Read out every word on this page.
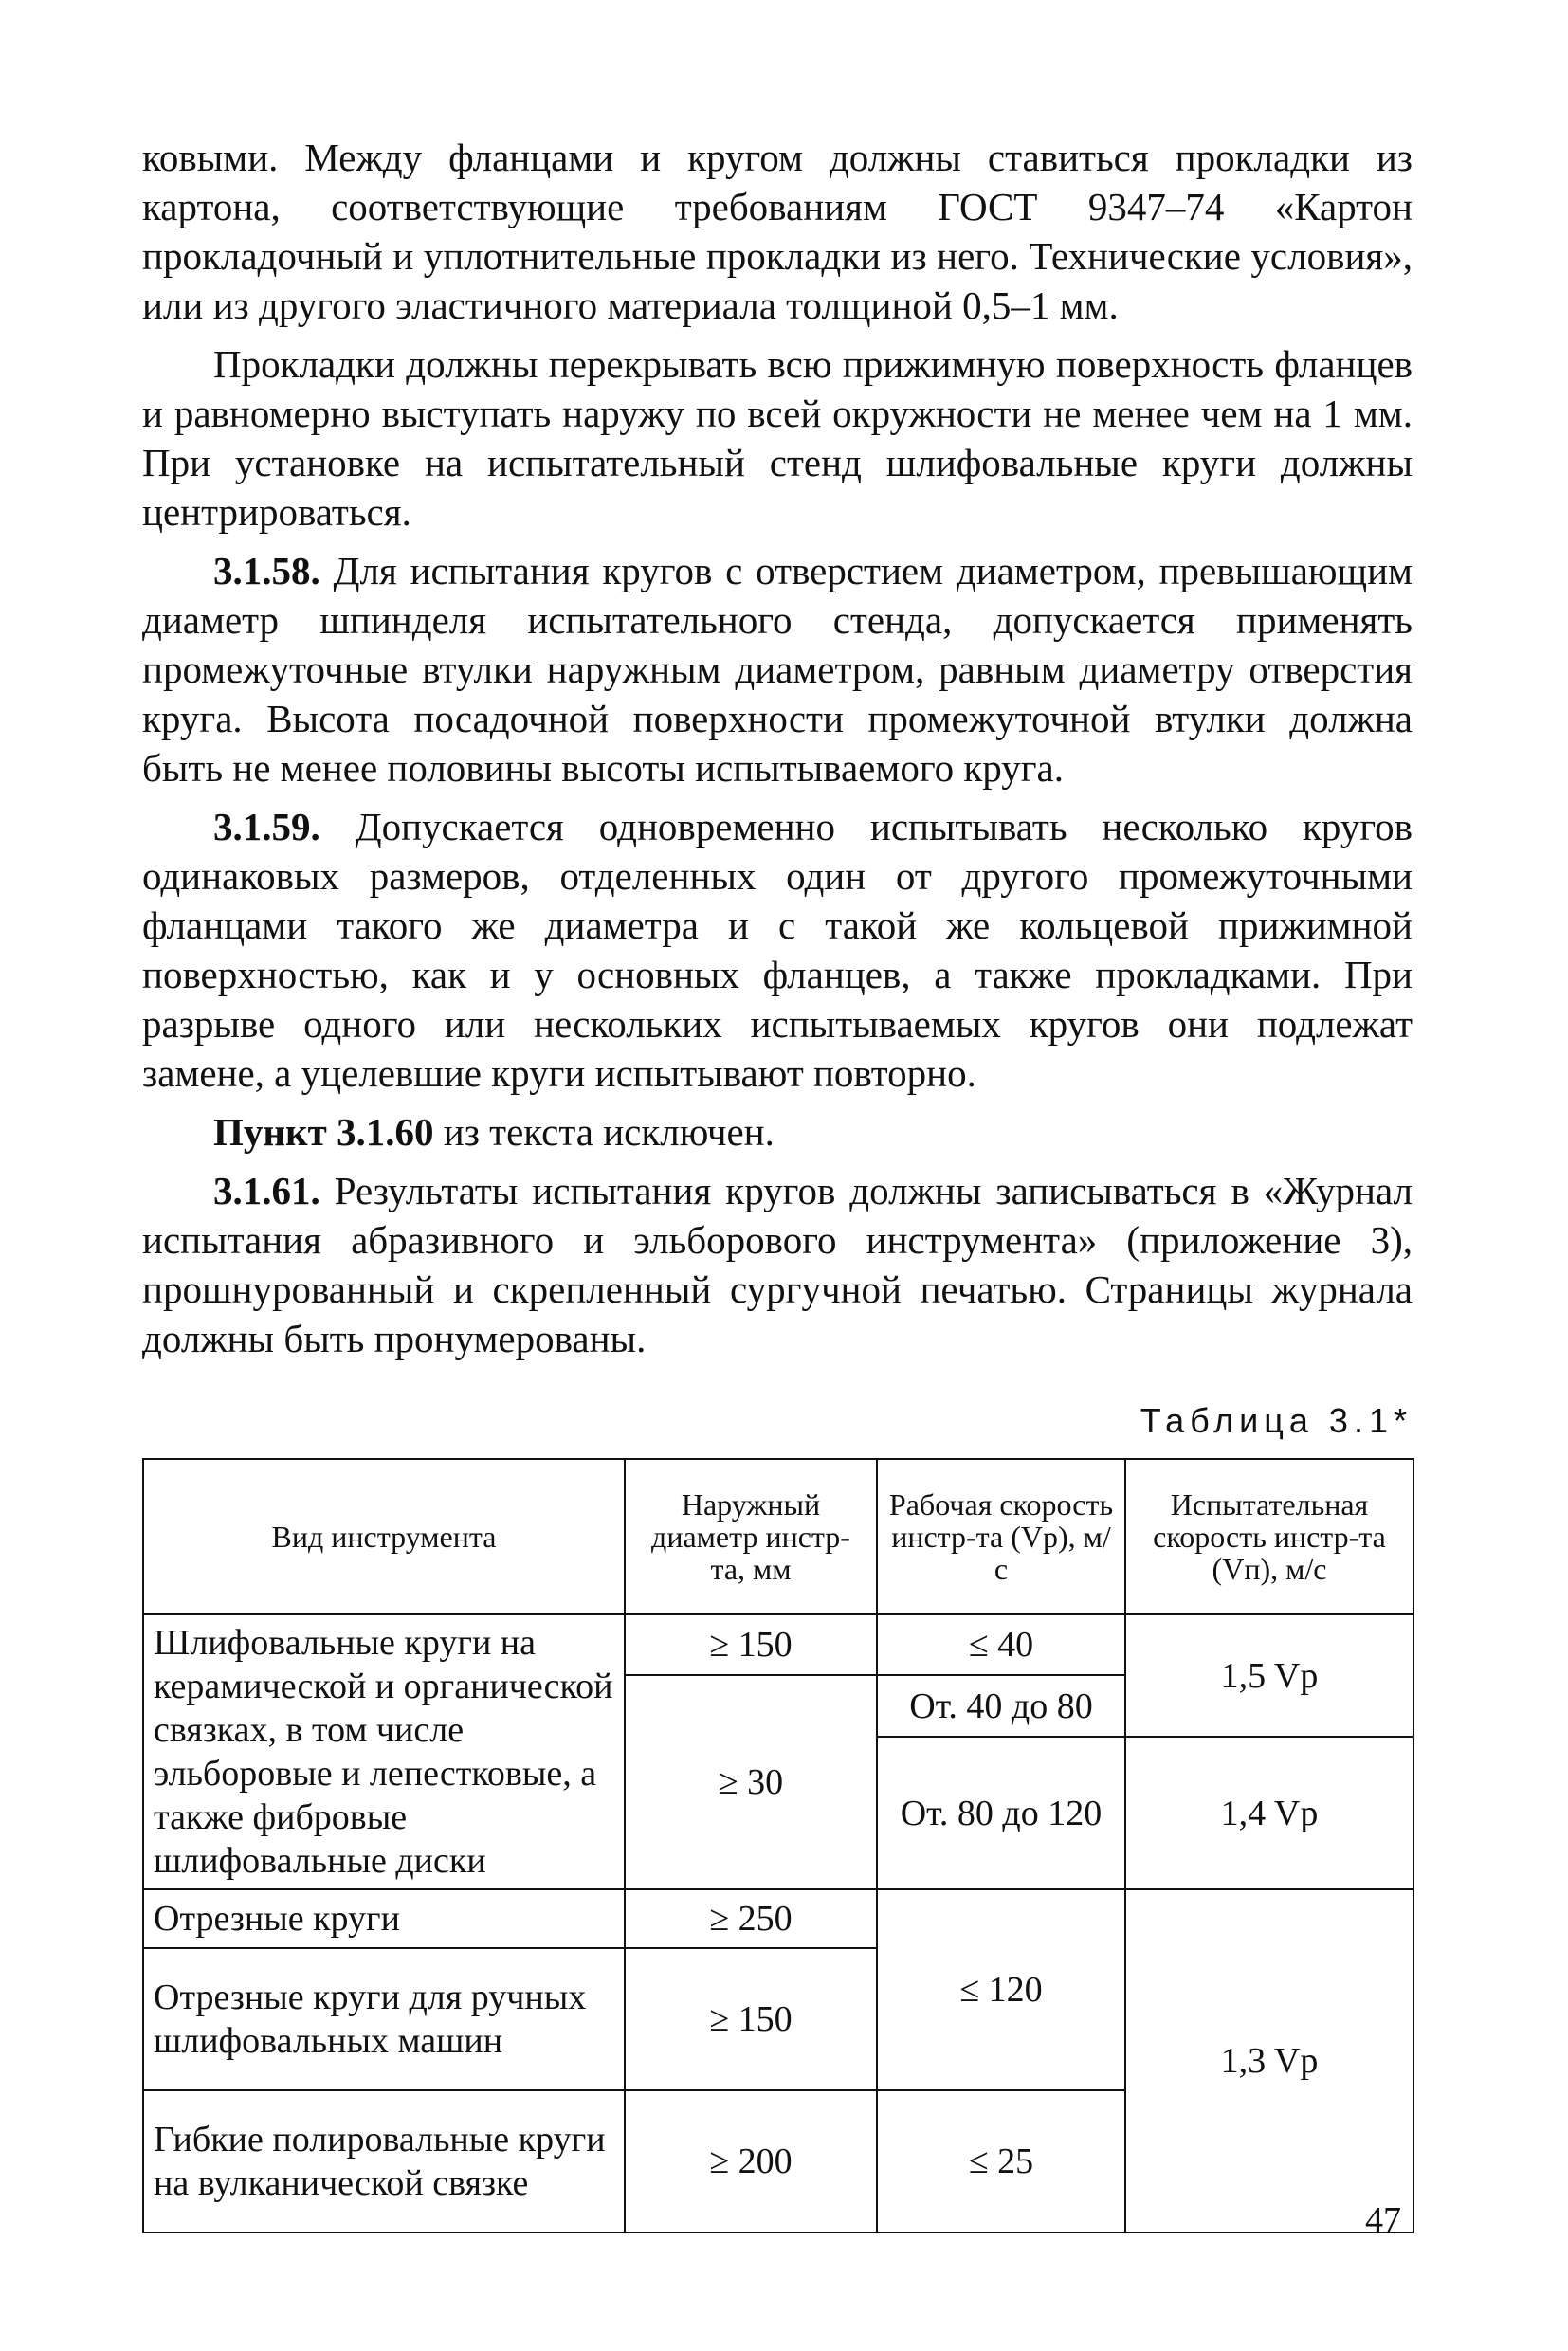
ковыми. Между фланцами и кругом должны ставиться прокладки из картона, соответствующие требованиям ГОСТ 9347–74 «Картон прокладочный и уплотнительные прокладки из него. Технические условия», или из другого эластичного материала толщиной 0,5–1 мм.

Прокладки должны перекрывать всю прижимную поверхность фланцев и равномерно выступать наружу по всей окружности не менее чем на 1 мм. При установке на испытательный стенд шлифовальные круги должны центрироваться.

3.1.58. Для испытания кругов с отверстием диаметром, превышающим диаметр шпинделя испытательного стенда, допускается применять промежуточные втулки наружным диаметром, равным диаметру отверстия круга. Высота посадочной поверхности промежуточной втулки должна быть не менее половины высоты испытываемого круга.

3.1.59. Допускается одновременно испытывать несколько кругов одинаковых размеров, отделенных один от другого промежуточными фланцами такого же диаметра и с такой же кольцевой прижимной поверхностью, как и у основных фланцев, а также прокладками. При разрыве одного или нескольких испытываемых кругов они подлежат замене, а уцелевшие круги испытывают повторно.

Пункт 3.1.60 из текста исключен.

3.1.61. Результаты испытания кругов должны записываться в «Журнал испытания абразивного и эльборового инструмента» (приложение 3), прошнурованный и скрепленный сургучной печатью. Страницы журнала должны быть пронумерованы.

Таблица 3.1*
Вид инструмента	Наружный диаметр инстр-та, мм	Рабочая скорость инстр-та (Vр), м/с	Испытательная скорость инстр-та (Vп), м/с
Шлифовальные круги на керамической и органической связках, в том числе эльборовые и лепестковые, а также фибровые шлифовальные диски	≥ 150	≤ 40	1,5 Vр
	≥ 30	От. 40 до 80	
		От. 80 до 120	1,4 Vр

Отрезные круги	≥ 250	≤ 120	1,3 Vр
Отрезные круги для ручных шлифовальных машин	≥ 150		
Гибкие полировальные круги на вулканической связке	≥ 200	≤ 25	
47
